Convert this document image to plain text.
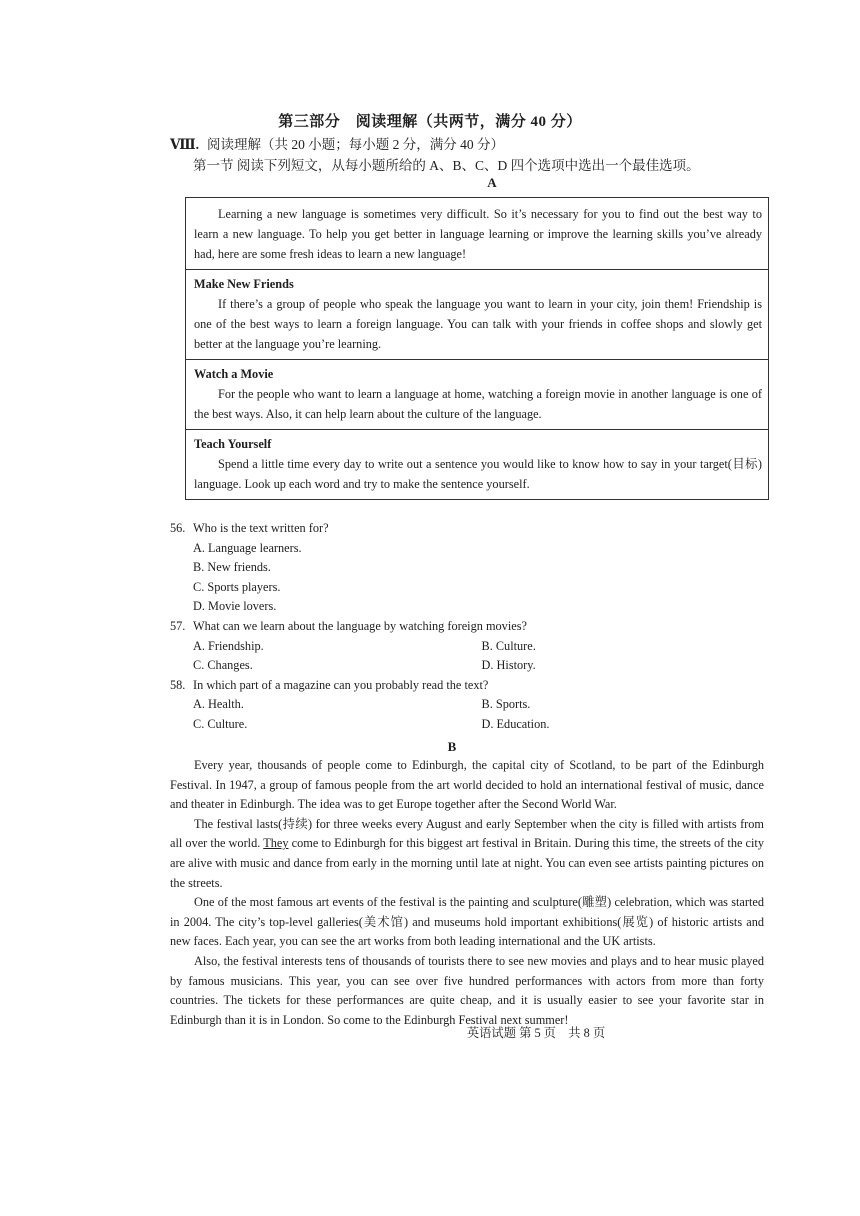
第三部分　阅读理解（共两节，满分 40 分）
Ⅷ. 阅读理解（共 20 小题；每小题 2 分，满分 40 分）
第一节 阅读下列短文，从每小题所给的 A、B、C、D 四个选项中选出一个最佳选项。
A

Learning a new language is sometimes very difficult. So it’s necessary for you to find out the best way to learn a new language. To help you get better in language learning or improve the learning skills you’ve already had, here are some fresh ideas to learn a new language!

Make New Friends

If there’s a group of people who speak the language you want to learn in your city, join them! Friendship is one of the best ways to learn a foreign language. You can talk with your friends in coffee shops and slowly get better at the language you’re learning.

Watch a Movie

For the people who want to learn a language at home, watching a foreign movie in another language is one of the best ways. Also, it can help learn about the culture of the language.

Teach Yourself

Spend a little time every day to write out a sentence you would like to know how to say in your target(目标) language. Look up each word and try to make the sentence yourself.

56. Who is the text written for?
A. Language learners.
B. New friends.
C. Sports players.
D. Movie lovers.
57. What can we learn about the language by watching foreign movies?
A. Friendship.	B. Culture.
C. Changes.	D. History.
58. In which part of a magazine can you probably read the text?
A. Health.	B. Sports.
C. Culture.	D. Education.
B

Every year, thousands of people come to Edinburgh, the capital city of Scotland, to be part of the Edinburgh Festival. In 1947, a group of famous people from the art world decided to hold an international festival of music, dance and theater in Edinburgh. The idea was to get Europe together after the Second World War.

The festival lasts(持续) for three weeks every August and early September when the city is filled with artists from all over the world. They come to Edinburgh for this biggest art festival in Britain. During this time, the streets of the city are alive with music and dance from early in the morning until late at night. You can even see artists painting pictures on the streets.

One of the most famous art events of the festival is the painting and sculpture(雕塑) celebration, which was started in 2004. The city’s top-level galleries(美术馆) and museums hold important exhibitions(展览) of historic artists and new faces. Each year, you can see the art works from both leading international and the UK artists.

Also, the festival interests tens of thousands of tourists there to see new movies and plays and to hear music played by famous musicians. This year, you can see over five hundred performances with actors from more than forty countries. The tickets for these performances are quite cheap, and it is usually easier to see your favorite star in Edinburgh than it is in London. So come to the Edinburgh Festival next summer!

英语试题 第 5 页　共 8 页
